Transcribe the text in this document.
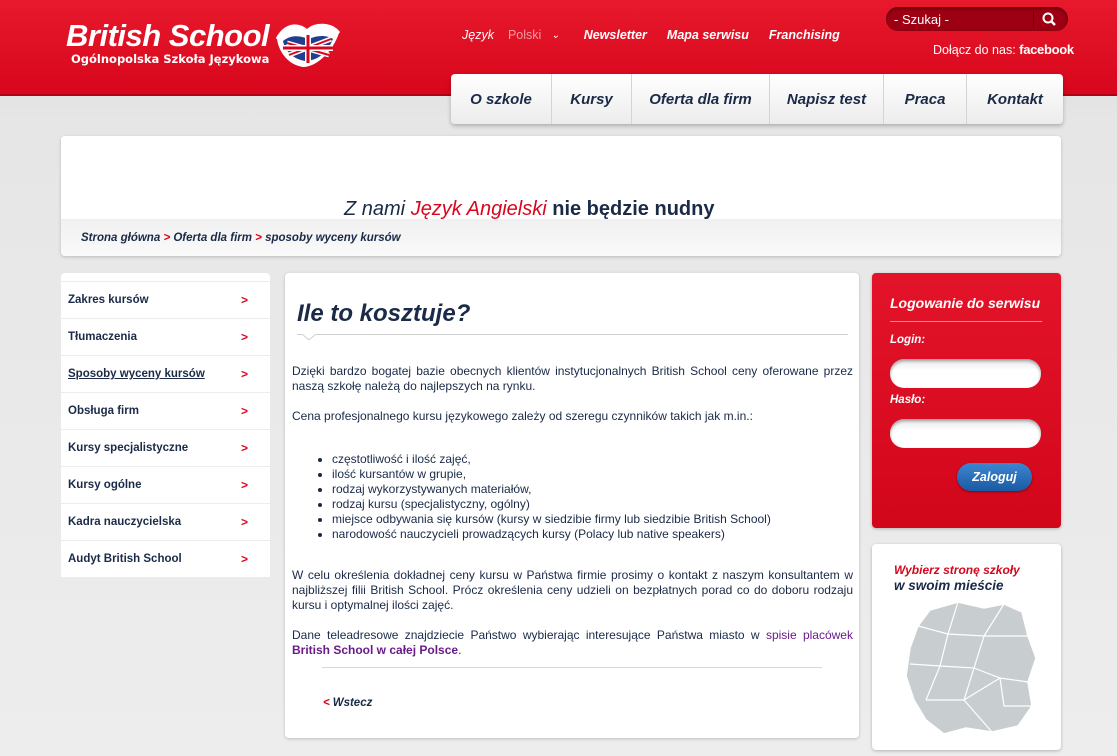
British School
Ogólnopolska Szkoła Językowa
Język Polski ⌄ Newsletter Mapa serwisu Franchising
- Szukaj -
Dołącz do nas: facebook
O szkole	Kursy	Oferta dla firm	Napisz test	Praca	Kontakt
Z nami Język Angielski nie będzie nudny
Strona główna > Oferta dla firm > sposoby wyceny kursów
Zakres kursów	>
Tłumaczenia	>
Sposoby wyceny kursów	>
Obsługa firm	>
Kursy specjalistyczne	>
Kursy ogólne	>
Kadra nauczycielska	>
Audyt British School	>
Ile to kosztuje?

Dzięki bardzo bogatej bazie obecnych klientów instytucjonalnych British School ceny oferowane przez naszą szkołę należą do najlepszych na rynku.

Cena profesjonalnego kursu językowego zależy od szeregu czynników takich jak m.in.:

• częstotliwość i ilość zajęć,
• ilość kursantów w grupie,
• rodzaj wykorzystywanych materiałów,
• rodzaj kursu (specjalistyczny, ogólny)
• miejsce odbywania się kursów (kursy w siedzibie firmy lub siedzibie British School)
• narodowość nauczycieli prowadzących kursy (Polacy lub native speakers)

W celu określenia dokładnej ceny kursu w Państwa firmie prosimy o kontakt z naszym konsultantem w najbliższej filii British School. Prócz określenia ceny udzieli on bezpłatnych porad co do doboru rodzaju kursu i optymalnej ilości zajęć.

Dane teleadresowe znajdziecie Państwo wybierając interesujące Państwa miasto w spisie placówek British School w całej Polsce.

< Wstecz
Logowanie do serwisu
Login:
Hasło:
Zaloguj
Wybierz stronę szkoły
w swoim mieście
